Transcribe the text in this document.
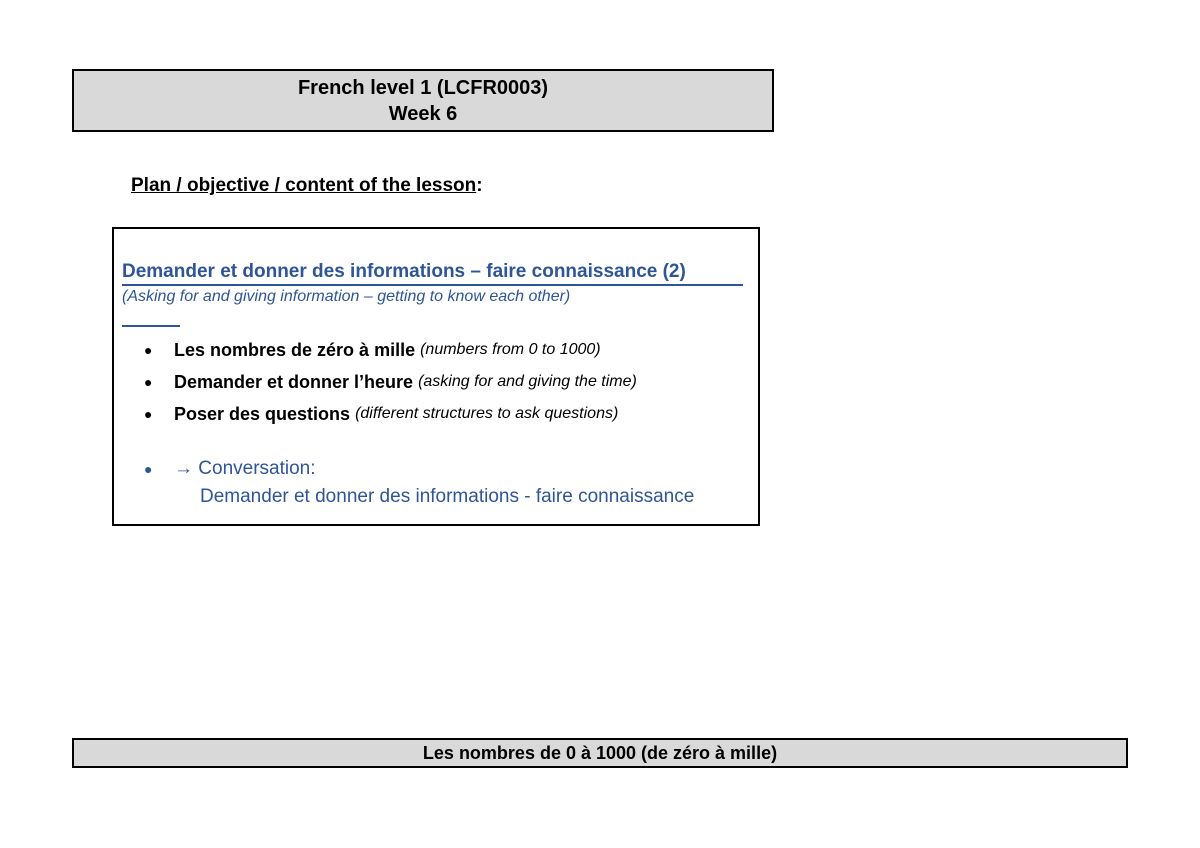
French level 1 (LCFR0003)
Week 6
Plan / objective / content of the lesson:
Demander et donner des informations – faire connaissance (2)
(Asking for and giving information – getting to know each other)
●	Les nombres de zéro à mille (numbers from 0 to 1000)
●	Demander et donner l’heure (asking for and giving the time)
●	Poser des questions (different structures to ask questions)
●	→ Conversation:
Demander et donner des informations - faire connaissance
Les nombres de 0 à 1000 (de zéro à mille)
